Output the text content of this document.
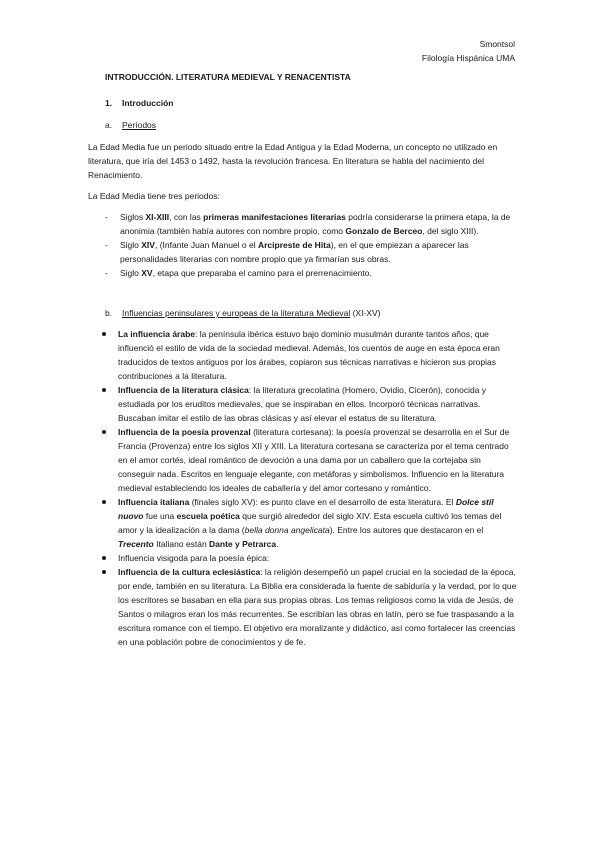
Smontsol
Filología Hispánica UMA
INTRODUCCIÓN. LITERATURA MEDIEVAL Y RENACENTISTA
1. Introducción
a. Períodos
La Edad Media fue un periodo situado entre la Edad Antigua y la Edad Moderna, un concepto no utilizado en literatura, que iría del 1453 o 1492, hasta la revolución francesa. En literatura se habla del nacimiento del Renacimiento.
La Edad Media tiene tres periodos:
- Siglos XI-XIII, con las primeras manifestaciones literarias podría considerarse la primera etapa, la de anonimia (también había autores con nombre propio, como Gonzalo de Berceo, del siglo XIII).
- Siglo XIV, (Infante Juan Manuel o el Arcipreste de Hita), en el que empiezan a aparecer las personalidades literarias con nombre propio que ya firmarían sus obras.
- Siglo XV, etapa que preparaba el camino para el prerrenacimiento.
b. Influencias peninsulares y europeas de la literatura Medieval (XI-XV)
La influencia árabe: la península ibérica estuvo bajo dominio musulmán durante tantos años, que influenció el estilo de vida de la sociedad medieval. Además, los cuentos de auge en esta época eran traducidos de textos antiguos por los árabes, copiaron sus técnicas narrativas e hicieron sus propias contribuciones a la literatura.
Influencia de la literatura clásica: la literatura grecolatina (Homero, Ovidio, Cicerón), conocida y estudiada por los eruditos medievales, que se inspiraban en ellos. Incorporó técnicas narrativas. Buscaban imitar el estilo de las obras clásicas y así elevar el estatus de su literatura.
Influencia de la poesía provenzal (literatura cortesana): la poesía provenzal se desarrolla en el Sur de Francia (Provenza) entre los siglos XII y XIII. La literatura cortesana se caracteriza por el tema centrado en el amor cortés, ideal romántico de devoción a una dama por un caballero que la cortejaba sin conseguir nada. Escritos en lenguaje elegante, con metáforas y simbolismos. Influencio en la literatura medieval estableciendo los ideales de caballería y del amor cortesano y romántico.
Influencia italiana (finales siglo XV): es punto clave en el desarrollo de esta literatura. El Dolce stil nuovo fue una escuela poética que surgió alrededor del siglo XIV. Esta escuela cultivó los temas del amor y la idealización a la dama (bella donna angelicata). Entre los autores que destacaron en el Trecento Italiano están Dante y Petrarca.
Influencia visigoda para la poesía épica:
Influencia de la cultura eclesiástica: la religión desempeñó un papel crucial en la sociedad de la época, por ende, también en su literatura. La Biblia era considerada la fuente de sabiduría y la verdad, por lo que los escritores se basaban en ella para sus propias obras. Los temas religiosos como la vida de Jesús, de Santos o milagros eran los más recurrentes. Se escribían las obras en latín, pero se fue traspasando a la escritura romance con el tiempo. El objetivo era moralizante y didáctico, así como fortalecer las creencias en una población pobre de conocimientos y de fe.
